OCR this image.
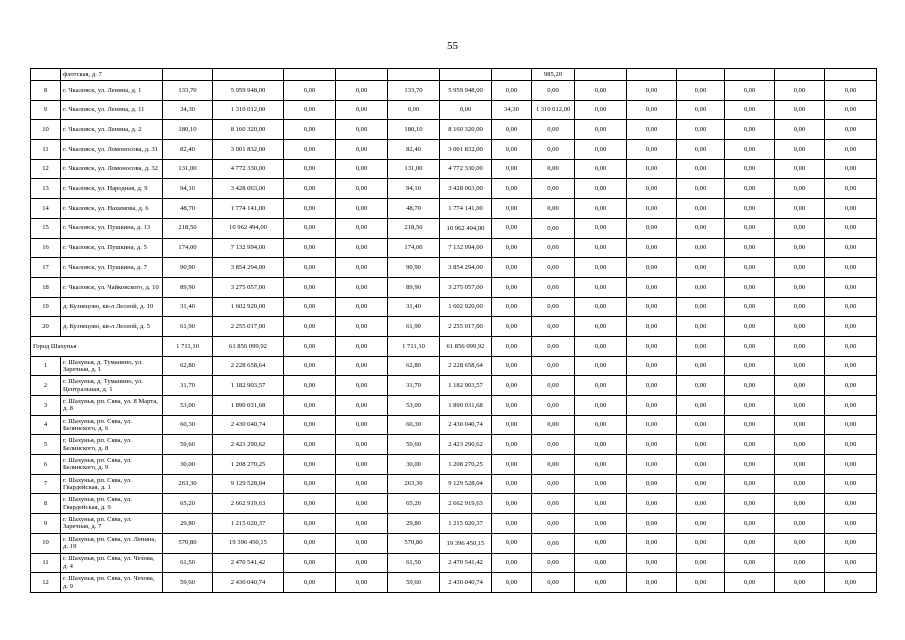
55
	флотская, д. 7								985,20						
8	г. Чкаловск, ул. Ленина, д. 1	133,70	5 959 948,00	0,00	0,00	133,70	5 959 948,00	0,00	0,00	0,00	0,00	0,00	0,00	0,00	0,00
9	г. Чкаловск, ул. Ленина, д. 11	34,30	1 310 012,00	0,00	0,00	0,00	0,00	34,30	1 310 012,00	0,00	0,00	0,00	0,00	0,00	0,00
10	г. Чкаловск, ул. Ленина, д. 2	180,10	8 160 320,00	0,00	0,00	180,10	8 160 320,00	0,00	0,00	0,00	0,00	0,00	0,00	0,00	0,00
11	г. Чкаловск, ул. Ломоносова, д. 31	82,40	3 001 832,00	0,00	0,00	82,40	3 001 832,00	0,00	0,00	0,00	0,00	0,00	0,00	0,00	0,00
12	г. Чкаловск, ул. Ломоносова, д. 32	131,00	4 772 330,00	0,00	0,00	131,00	4 772 330,00	0,00	0,00	0,00	0,00	0,00	0,00	0,00	0,00
13	г. Чкаловск, ул. Народная, д. 9	94,10	3 428 063,00	0,00	0,00	94,10	3 428 063,00	0,00	0,00	0,00	0,00	0,00	0,00	0,00	0,00
14	г. Чкаловск, ул. Нахимова, д. 6	48,70	1 774 141,00	0,00	0,00	48,70	1 774 141,00	0,00	0,00	0,00	0,00	0,00	0,00	0,00	0,00
15	г. Чкаловск, ул. Пушкина, д. 13	218,50	10 962 494,00	0,00	0,00	218,50	10 962 494,00	0,00	0,00	0,00	0,00	0,00	0,00	0,00	0,00
16	г. Чкаловск, ул. Пушкина, д. 5	174,00	7 132 994,00	0,00	0,00	174,00	7 132 994,00	0,00	0,00	0,00	0,00	0,00	0,00	0,00	0,00
17	г. Чкаловск, ул. Пушкина, д. 7	90,90	3 854 294,00	0,00	0,00	90,90	3 854 294,00	0,00	0,00	0,00	0,00	0,00	0,00	0,00	0,00
18	г. Чкаловск, ул. Чайковского, д. 10	89,90	3 275 057,00	0,00	0,00	89,90	3 275 057,00	0,00	0,00	0,00	0,00	0,00	0,00	0,00	0,00
19	д. Кузнецово, кв-л Лесной, д. 10	31,40	1 602 920,00	0,00	0,00	31,40	1 602 920,00	0,00	0,00	0,00	0,00	0,00	0,00	0,00	0,00
20	д. Кузнецово, кв-л Лесной, д. 5	61,90	2 255 017,00	0,00	0,00	61,90	2 255 017,00	0,00	0,00	0,00	0,00	0,00	0,00	0,00	0,00
Город Шахунья		1 711,10	61 856 099,92	0,00	0,00	1 711,10	61 856 099,92	0,00	0,00	0,00	0,00	0,00	0,00	0,00	0,00
1	г. Шахунья, д. Туманино, ул. Заречная, д. 1	62,80	2 228 658,64	0,00	0,00	62,80	2 228 658,64	0,00	0,00	0,00	0,00	0,00	0,00	0,00	0,00
2	г. Шахунья, д. Туманино, ул. Центральная, д. 1	31,70	1 182 903,57	0,00	0,00	31,70	1 182 903,57	0,00	0,00	0,00	0,00	0,00	0,00	0,00	0,00
3	г. Шахунья, рп. Сява, ул. 8 Марта, д. 8	53,00	1 890 031,68	0,00	0,00	53,00	1 890 031,68	0,00	0,00	0,00	0,00	0,00	0,00	0,00	0,00
4	г. Шахунья, рп. Сява, ул. Белинского, д. 6	60,30	2 430 040,74	0,00	0,00	60,30	2 430 040,74	0,00	0,00	0,00	0,00	0,00	0,00	0,00	0,00
5	г. Шахунья, рп. Сява, ул. Белинского, д. 8	59,60	2 423 290,62	0,00	0,00	59,60	2 423 290,62	0,00	0,00	0,00	0,00	0,00	0,00	0,00	0,00
6	г. Шахунья, рп. Сява, ул. Белинского, д. 9	30,00	1 208 270,25	0,00	0,00	30,00	1 208 270,25	0,00	0,00	0,00	0,00	0,00	0,00	0,00	0,00
7	г. Шахунья, рп. Сява, ул. Гвардейская, д. 1	263,30	9 129 528,04	0,00	0,00	263,30	9 129 528,04	0,00	0,00	0,00	0,00	0,00	0,00	0,00	0,00
8	г. Шахунья, рп. Сява, ул. Гвардейская, д. 9	65,20	2 662 919,63	0,00	0,00	65,20	2 662 919,63	0,00	0,00	0,00	0,00	0,00	0,00	0,00	0,00
9	г. Шахунья, рп. Сява, ул. Заречная, д. 7	29,80	1 215 020,37	0,00	0,00	29,80	1 215 020,37	0,00	0,00	0,00	0,00	0,00	0,00	0,00	0,00
10	г. Шахунья, рп. Сява, ул. Ленина, д. 19	570,80	19 396 450,15	0,00	0,00	570,80	19 396 450,15	0,00	0,00	0,00	0,00	0,00	0,00	0,00	0,00
11	г. Шахунья, рп. Сява, ул. Чехова, д. 4	61,50	2 470 541,42	0,00	0,00	61,50	2 470 541,42	0,00	0,00	0,00	0,00	0,00	0,00	0,00	0,00
12	г. Шахунья, рп. Сява, ул. Чехова, д. 9	59,60	2 430 040,74	0,00	0,00	59,60	2 430 040,74	0,00	0,00	0,00	0,00	0,00	0,00	0,00	0,00
